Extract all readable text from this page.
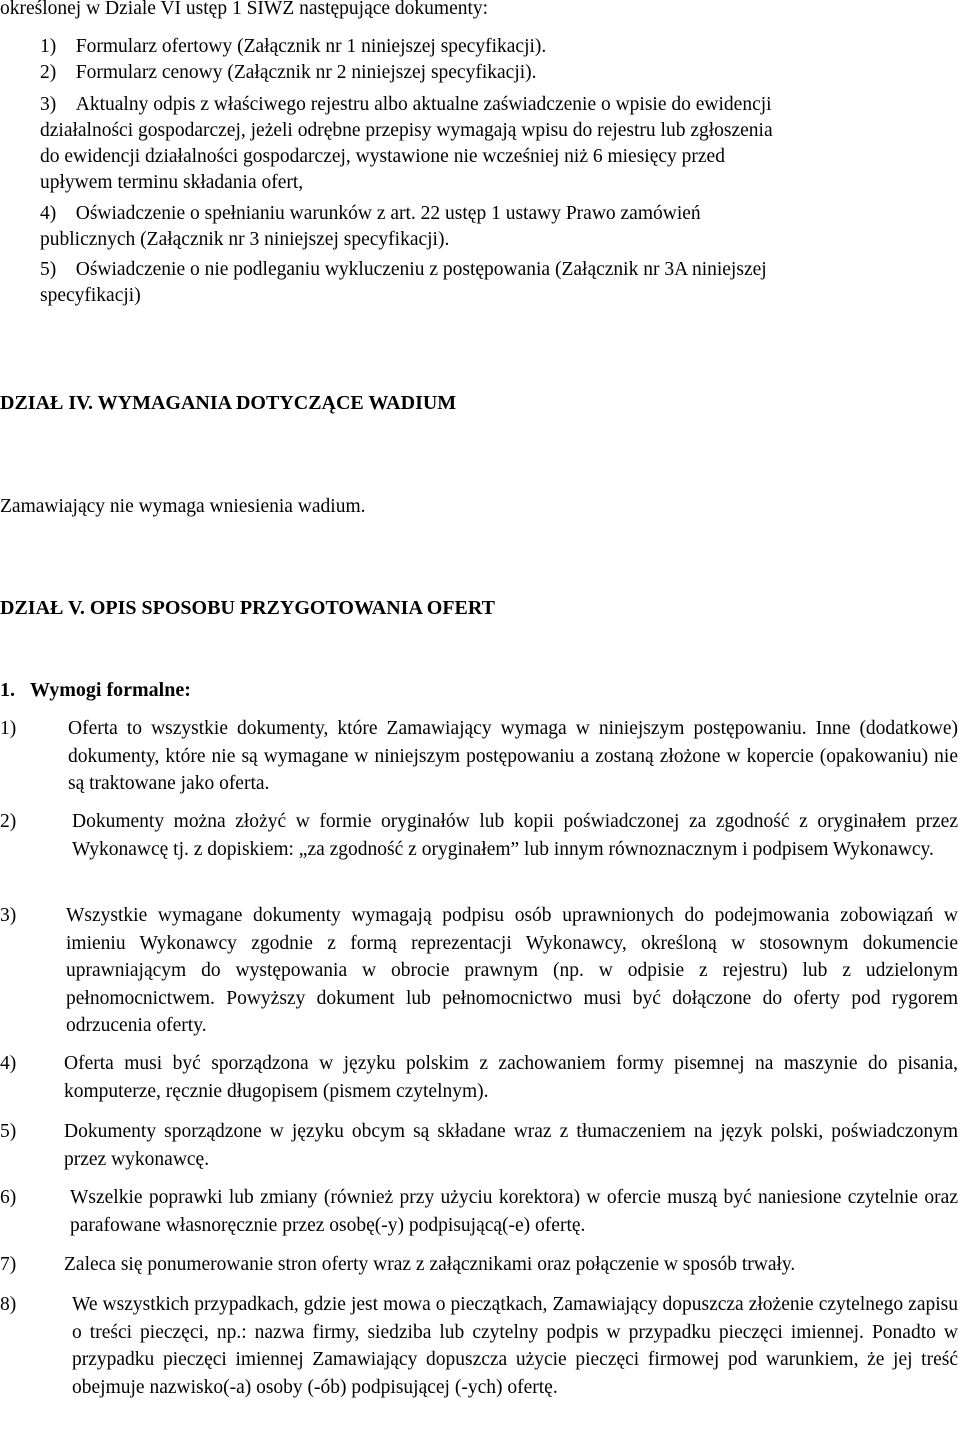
określonej w Dziale VI ustęp 1 SIWZ następujące dokumenty:
1)    Formularz ofertowy (Załącznik nr 1 niniejszej specyfikacji).
2)    Formularz cenowy (Załącznik nr 2 niniejszej specyfikacji).
3)    Aktualny odpis z właściwego rejestru albo aktualne zaświadczenie o wpisie do ewidencji
działalności gospodarczej, jeżeli odrębne przepisy wymagają wpisu do rejestru lub zgłoszenia
do ewidencji działalności gospodarczej, wystawione nie wcześniej niż 6 miesięcy przed
upływem terminu składania ofert,
4)    Oświadczenie o spełnianiu warunków z art. 22 ustęp 1 ustawy Prawo zamówień
publicznych (Załącznik nr 3 niniejszej specyfikacji).
5)    Oświadczenie o nie podleganiu wykluczeniu z postępowania (Załącznik nr 3A niniejszej
specyfikacji)
DZIAŁ IV. WYMAGANIA DOTYCZĄCE WADIUM
Zamawiający nie wymaga wniesienia wadium.
DZIAŁ V. OPIS SPOSOBU PRZYGOTOWANIA OFERT
1.   Wymogi formalne:
1)	Oferta to wszystkie dokumenty, które Zamawiający wymaga w niniejszym postępowaniu. Inne (dodatkowe) dokumenty, które nie są wymagane w niniejszym postępowaniu a zostaną złożone w kopercie (opakowaniu) nie są traktowane jako oferta.
2)	Dokumenty można złożyć w formie oryginałów lub kopii poświadczonej za zgodność z oryginałem przez Wykonawcę tj. z dopiskiem: „za zgodność z oryginałem” lub innym równoznacznym i podpisem Wykonawcy.
3)	Wszystkie wymagane dokumenty wymagają podpisu osób uprawnionych do podejmowania zobowiązań w imieniu Wykonawcy zgodnie z formą reprezentacji Wykonawcy, określoną w stosownym dokumencie uprawniającym do występowania w obrocie prawnym (np. w odpisie z rejestru) lub z udzielonym pełnomocnictwem. Powyższy dokument lub pełnomocnictwo musi być dołączone do oferty pod rygorem odrzucenia oferty.
4)	Oferta musi być sporządzona w języku polskim z zachowaniem formy pisemnej na maszynie do pisania, komputerze, ręcznie długopisem (pismem czytelnym).
5)	Dokumenty sporządzone w języku obcym są składane wraz z tłumaczeniem na język polski, poświadczonym przez wykonawcę.
6)	Wszelkie poprawki lub zmiany (również przy użyciu korektora) w ofercie muszą być naniesione czytelnie oraz parafowane własnoręcznie przez osobę(-y) podpisującą(-e) ofertę.
7)	Zaleca się ponumerowanie stron oferty wraz z załącznikami oraz połączenie w sposób trwały.
8)	We wszystkich przypadkach, gdzie jest mowa o pieczątkach, Zamawiający dopuszcza złożenie czytelnego zapisu o treści pieczęci, np.: nazwa firmy, siedziba lub czytelny podpis w przypadku pieczęci imiennej. Ponadto w przypadku pieczęci imiennej Zamawiający dopuszcza użycie pieczęci firmowej pod warunkiem, że jej treść obejmuje nazwisko(-a) osoby (-ób) podpisującej (-ych) ofertę.
